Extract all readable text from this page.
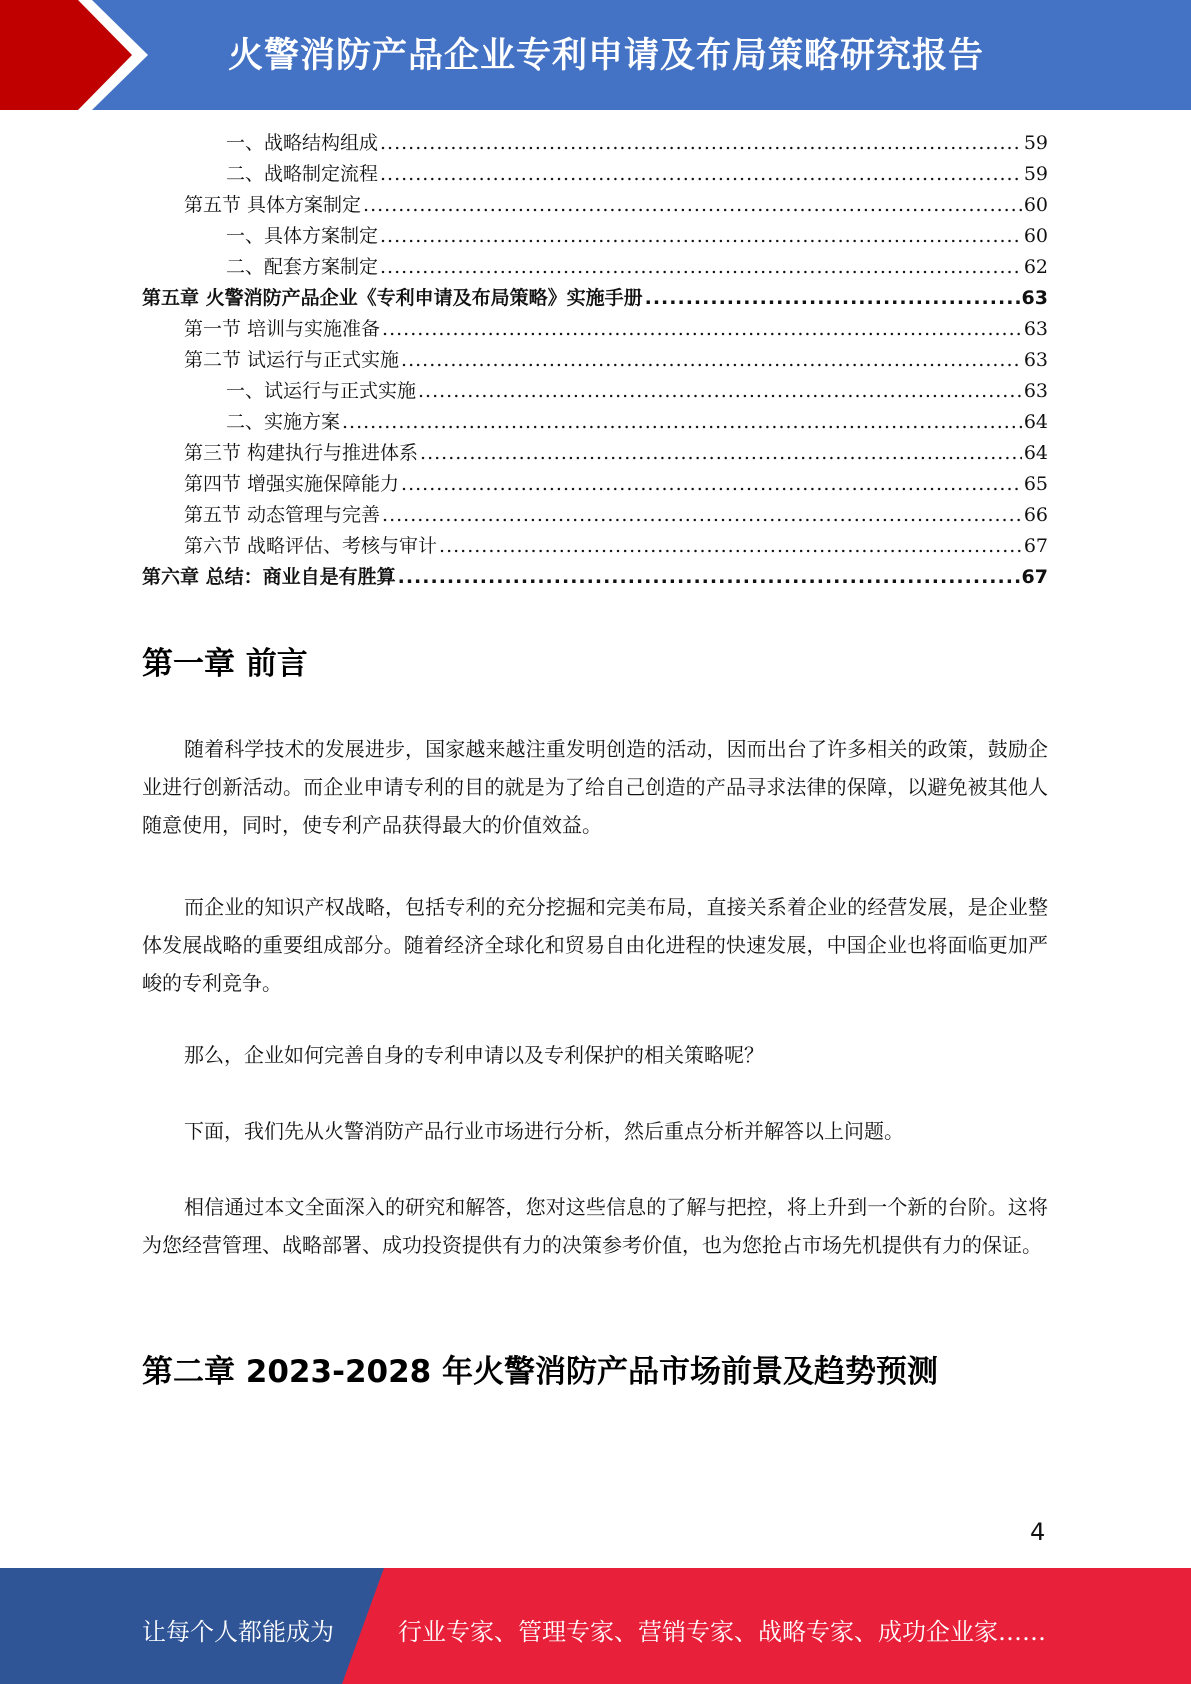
火警消防产品企业专利申请及布局策略研究报告
一、战略结构组成 .....	59
二、战略制定流程 .....	59
第五节 具体方案制定 .....	60
一、具体方案制定 .....	60
二、配套方案制定 .....	62
第五章 火警消防产品企业《专利申请及布局策略》实施手册 .....	63
第一节 培训与实施准备 .....	63
第二节 试运行与正式实施 .....	63
一、试运行与正式实施 .....	63
二、实施方案 .....	64
第三节 构建执行与推进体系 .....	64
第四节 增强实施保障能力 .....	65
第五节 动态管理与完善 .....	66
第六节 战略评估、考核与审计 .....	67
第六章 总结：商业自是有胜算 .....	67
第一章 前言

随着科学技术的发展进步，国家越来越注重发明创造的活动，因而出台了许多相关的政策，鼓励企业进行创新活动。而企业申请专利的目的就是为了给自己创造的产品寻求法律的保障，以避免被其他人随意使用，同时，使专利产品获得最大的价值效益。

而企业的知识产权战略，包括专利的充分挖掘和完美布局，直接关系着企业的经营发展，是企业整体发展战略的重要组成部分。随着经济全球化和贸易自由化进程的快速发展，中国企业也将面临更加严峻的专利竞争。

那么，企业如何完善自身的专利申请以及专利保护的相关策略呢？

下面，我们先从火警消防产品行业市场进行分析，然后重点分析并解答以上问题。

相信通过本文全面深入的研究和解答，您对这些信息的了解与把控，将上升到一个新的台阶。这将为您经营管理、战略部署、成功投资提供有力的决策参考价值，也为您抢占市场先机提供有力的保证。

第二章 2023-2028 年火警消防产品市场前景及趋势预测
4
让每个人都能成为	行业专家、管理专家、营销专家、战略专家、成功企业家……
